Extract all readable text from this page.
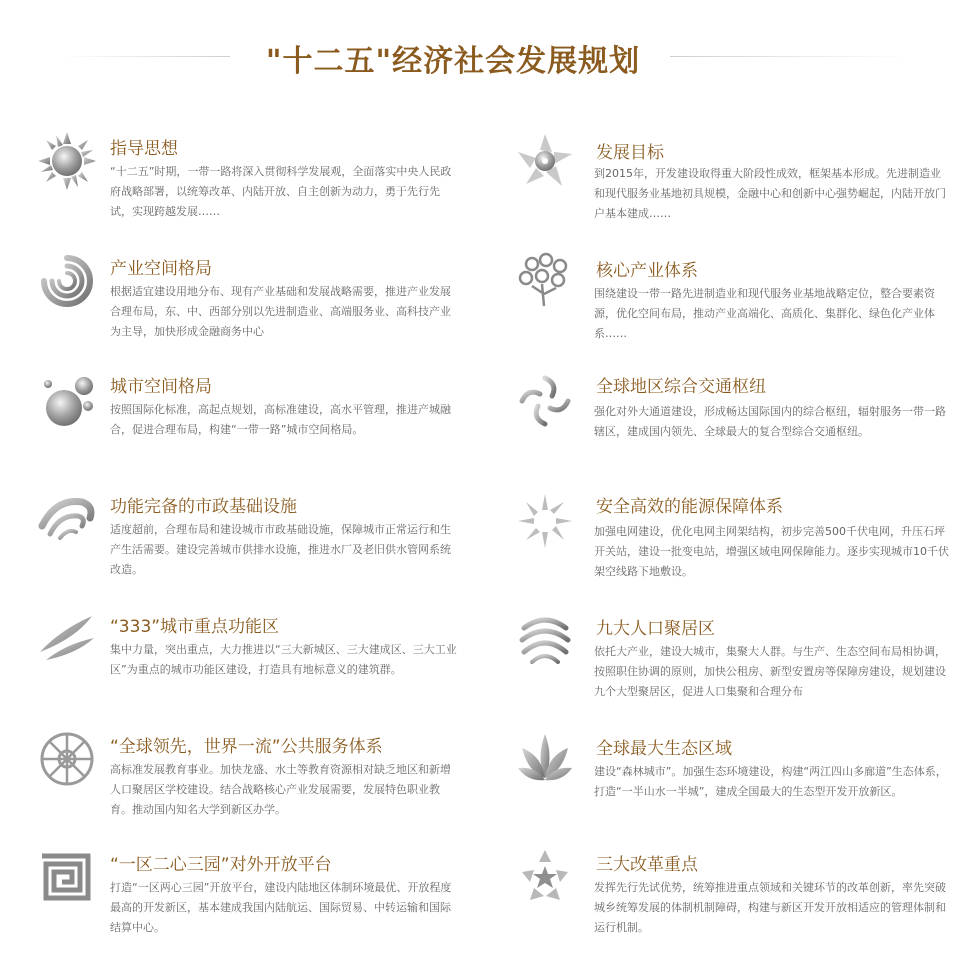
"十二五"经济社会发展规划
指导思想

“十二五”时期，一带一路将深入贯彻科学发展观，全面落实中央人民政府战略部署，以统筹改革、内陆开放、自主创新为动力，勇于先行先试，实现跨越发展……

发展目标

到2015年，开发建设取得重大阶段性成效，框架基本形成。先进制造业和现代服务业基地初具规模，金融中心和创新中心强势崛起，内陆开放门户基本建成……

产业空间格局

根据适宜建设用地分布、现有产业基础和发展战略需要，推进产业发展合理布局，东、中、西部分别以先进制造业、高端服务业、高科技产业为主导，加快形成金融商务中心

核心产业体系

围绕建设一带一路先进制造业和现代服务业基地战略定位，整合要素资源，优化空间布局，推动产业高端化、高质化、集群化、绿色化产业体系……

城市空间格局

按照国际化标准，高起点规划，高标准建设，高水平管理，推进产城融合，促进合理布局，构建“一带一路”城市空间格局。

全球地区综合交通枢纽

强化对外大通道建设，形成畅达国际国内的综合枢纽，辐射服务一带一路辖区，建成国内领先、全球最大的复合型综合交通枢纽。

功能完备的市政基础设施

适度超前，合理布局和建设城市市政基础设施，保障城市正常运行和生产生活需要。建设完善城市供排水设施，推进水厂及老旧供水管网系统改造。

安全高效的能源保障体系

加强电网建设，优化电网主网架结构，初步完善500千伏电网，升压石坪开关站，建设一批变电站，增强区域电网保障能力。逐步实现城市10千伏架空线路下地敷设。

“333”城市重点功能区

集中力量，突出重点，大力推进以“三大新城区、三大建成区、三大工业区”为重点的城市功能区建设，打造具有地标意义的建筑群。

九大人口聚居区

依托大产业，建设大城市，集聚大人群。与生产、生态空间布局相协调，按照职住协调的原则，加快公租房、新型安置房等保障房建设，规划建设九个大型聚居区，促进人口集聚和合理分布

“全球领先，世界一流”公共服务体系

高标准发展教育事业。加快龙盛、水土等教育资源相对缺乏地区和新增人口聚居区学校建设。结合战略核心产业发展需要，发展特色职业教育。推动国内知名大学到新区办学。

全球最大生态区域

建设“森林城市”。加强生态环境建设，构建“两江四山多廊道”生态体系，打造“一半山水一半城”，建成全国最大的生态型开发开放新区。

“一区二心三园”对外开放平台

打造“一区两心三园”开放平台，建设内陆地区体制环境最优、开放程度最高的开发新区，基本建成我国内陆航运、国际贸易、中转运输和国际结算中心。

三大改革重点

发挥先行先试优势，统筹推进重点领域和关键环节的改革创新，率先突破城乡统筹发展的体制机制障碍，构建与新区开发开放相适应的管理体制和运行机制。
